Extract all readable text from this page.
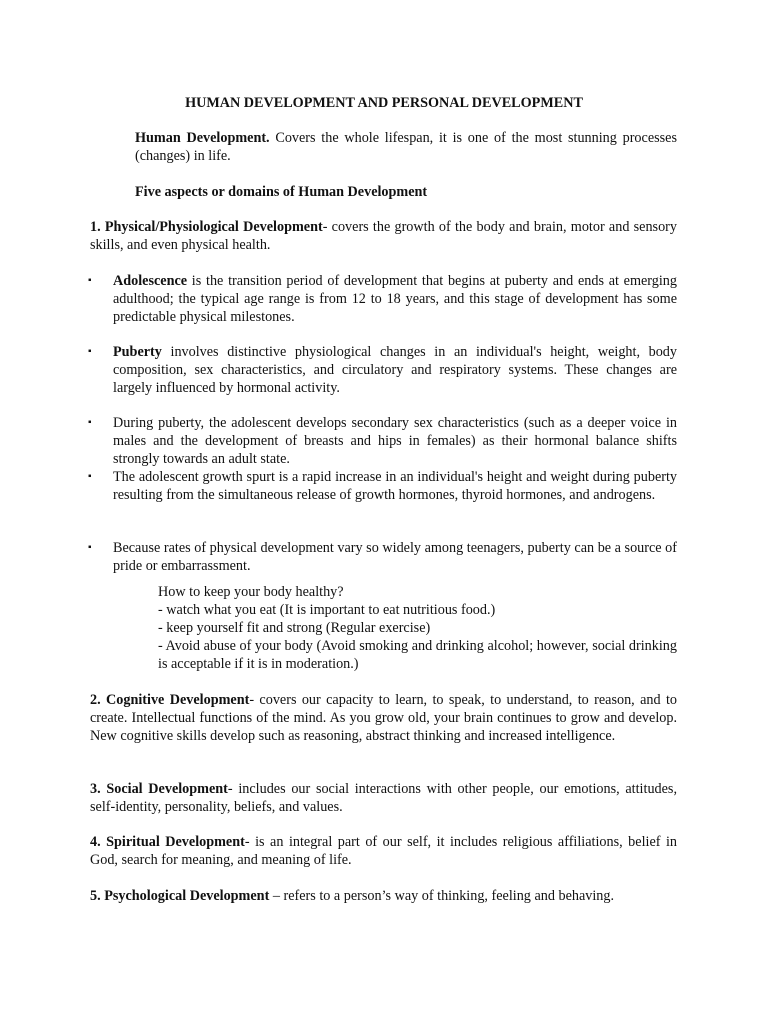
HUMAN DEVELOPMENT AND PERSONAL DEVELOPMENT
Human Development. Covers the whole lifespan, it is one of the most stunning processes (changes) in life.
Five aspects or domains of Human Development
1. Physical/Physiological Development- covers the growth of the body and brain, motor and sensory skills, and even physical health.
▪ Adolescence is the transition period of development that begins at puberty and ends at emerging adulthood; the typical age range is from 12 to 18 years, and this stage of development has some predictable physical milestones.
▪ Puberty involves distinctive physiological changes in an individual's height, weight, body composition, sex characteristics, and circulatory and respiratory systems. These changes are largely influenced by hormonal activity.
▪ During puberty, the adolescent develops secondary sex characteristics (such as a deeper voice in males and the development of breasts and hips in females) as their hormonal balance shifts strongly towards an adult state.
▪ The adolescent growth spurt is a rapid increase in an individual's height and weight during puberty resulting from the simultaneous release of growth hormones, thyroid hormones, and androgens.
▪ Because rates of physical development vary so widely among teenagers, puberty can be a source of pride or embarrassment.
How to keep your body healthy?
- watch what you eat (It is important to eat nutritious food.)
- keep yourself fit and strong (Regular exercise)
- Avoid abuse of your body (Avoid smoking and drinking alcohol; however, social drinking is acceptable if it is in moderation.)
2. Cognitive Development- covers our capacity to learn, to speak, to understand, to reason, and to create. Intellectual functions of the mind. As you grow old, your brain continues to grow and develop. New cognitive skills develop such as reasoning, abstract thinking and increased intelligence.
3. Social Development- includes our social interactions with other people, our emotions, attitudes, self-identity, personality, beliefs, and values.
4. Spiritual Development- is an integral part of our self, it includes religious affiliations, belief in God, search for meaning, and meaning of life.
5. Psychological Development – refers to a person’s way of thinking, feeling and behaving.
